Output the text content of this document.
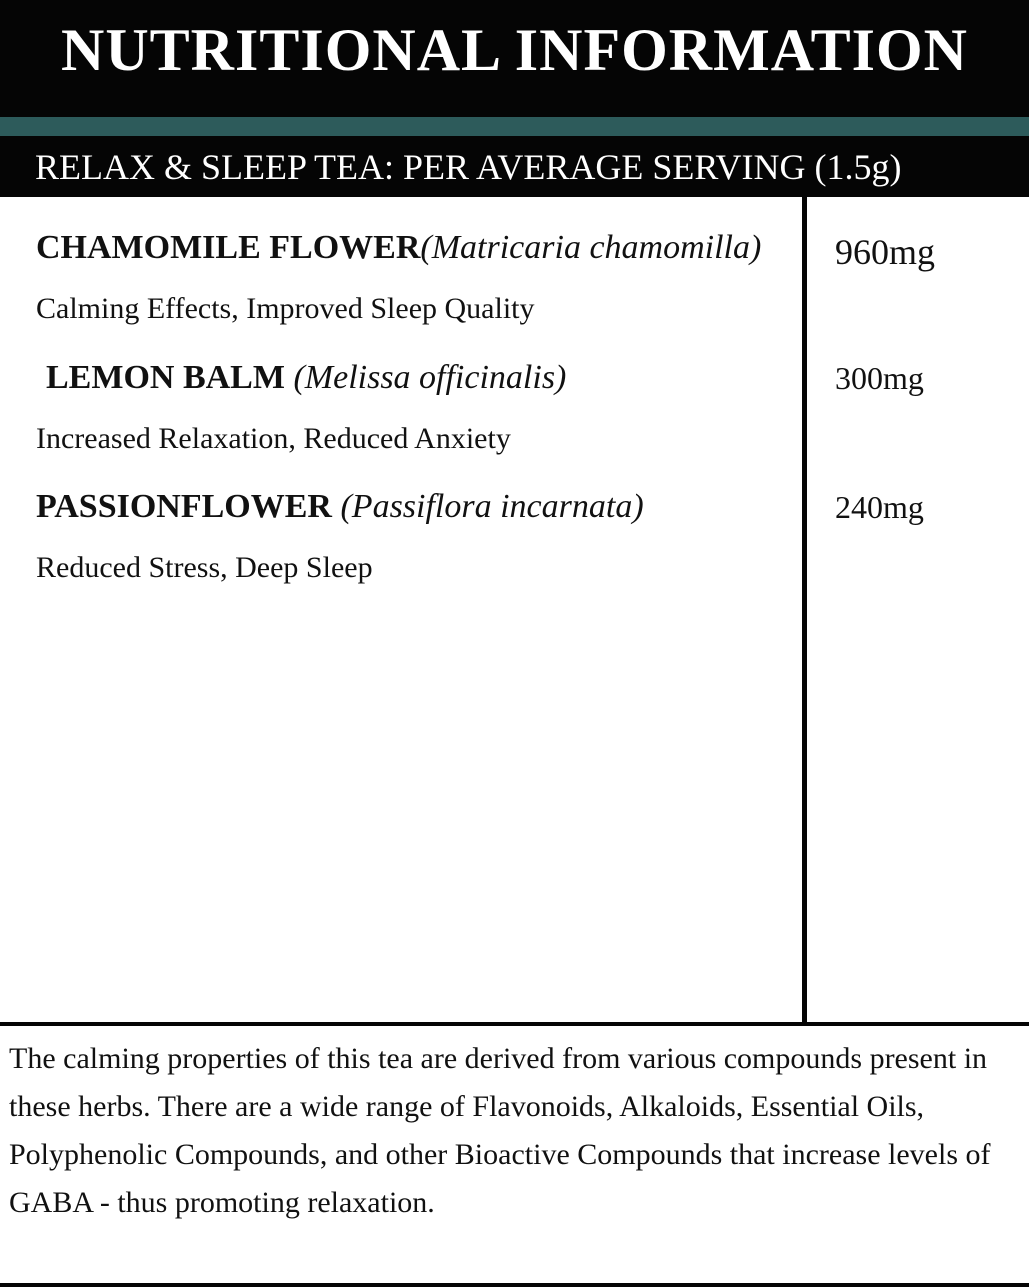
NUTRITIONAL INFORMATION
RELAX & SLEEP TEA: PER AVERAGE SERVING (1.5g)
CHAMOMILE FLOWER(Matricaria chamomilla) 960mg
Calming Effects, Improved Sleep Quality
LEMON BALM (Melissa officinalis)	300mg
Increased Relaxation, Reduced Anxiety
PASSIONFLOWER (Passiflora incarnata)	240mg
Reduced Stress, Deep Sleep
The calming properties of this tea are derived from various compounds present in these herbs. There are a wide range of Flavonoids, Alkaloids, Essential Oils, Polyphenolic Compounds, and other Bioactive Compounds that increase levels of GABA - thus promoting relaxation.
